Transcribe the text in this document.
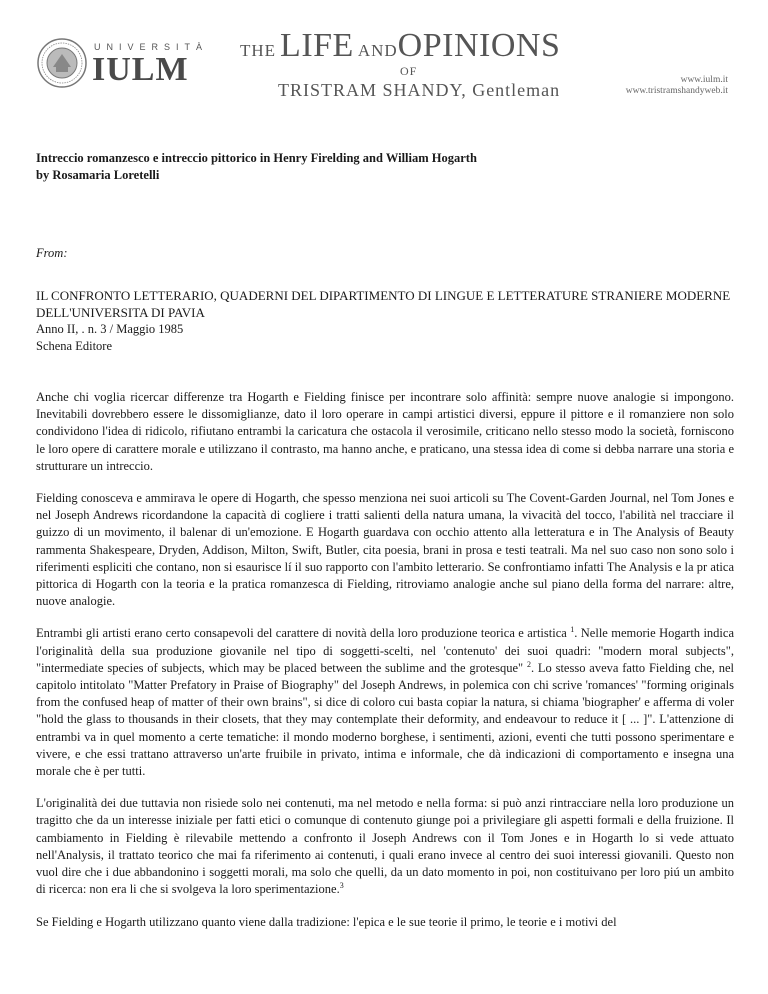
UNIVERSITÀ
IULM
THE LIFE ANDOPINIONS
OF
TRISTRAM SHANDY, Gentleman	www.iulm.it
www.tristramshandyweb.it
Intreccio romanzesco e intreccio pittorico in Henry Firelding and William Hogarth
by Rosamaria Loretelli
From:
IL CONFRONTO LETTERARIO, QUADERNI DEL DIPARTIMENTO DI LINGUE E LETTERATURE STRANIERE MODERNE DELL'UNIVERSITA DI PAVIA
Anno II, . n. 3 / Maggio 1985
Schena Editore

Anche chi voglia ricercar differenze tra Hogarth e Fielding finisce per incontrare solo affinità: sempre nuove analogie si impongono. Inevitabili dovrebbero essere le dissomiglianze, dato il loro operare in campi artistici diversi, eppure il pittore e il romanziere non solo condividono l'idea di ridicolo, rifiutano entrambi la caricatura che ostacola il verosimile, criticano nello stesso modo la società, forniscono le loro opere di carattere morale e utilizzano il contrasto, ma hanno anche, e praticano, una stessa idea di come si debba narrare una storia e strutturare un intreccio.

Fielding conosceva e ammirava le opere di Hogarth, che spesso menziona nei suoi articoli su The Covent-Garden Journal, nel Tom Jones e nel Joseph Andrews ricordandone la capacità di cogliere i tratti salienti della natura umana, la vivacità del tocco, l'abilità nel tracciare il guizzo di un movimento, il balenar di un'emozione. E Hogarth guardava con occhio attento alla letteratura e in The Analysis of Beauty rammenta Shakespeare, Dryden, Addison, Milton, Swift, Butler, cita poesia, brani in prosa e testi teatrali. Ma nel suo caso non sono solo i riferimenti espliciti che contano, non si esaurisce lí il suo rapporto con l'ambito letterario. Se confrontiamo infatti The Analysis e la pr atica pittorica di Hogarth con la teoria e la pratica romanzesca di Fielding, ritroviamo analogie anche sul piano della forma del narrare: altre, nuove analogie.

Entrambi gli artisti erano certo consapevoli del carattere di novità della loro produzione teorica e artistica $^1$. Nelle memorie Hogarth indica l'originalità della sua produzione giovanile nel tipo di soggetti-scelti, nel 'contenuto' dei suoi quadri: "modern moral subjects", "intermediate species of subjects, which may be placed between the sublime and the grotesque" $^2$. Lo stesso aveva fatto Fielding che, nel capitolo intitolato "Matter Prefatory in Praise of Biography" del Joseph Andrews, in polemica con chi scrive 'romances' "forming originals from the confused heap of matter of their own brains", si dice di coloro cui basta copiar la natura, si chiama 'biographer' e afferma di voler "hold the glass to thousands in their closets, that they may contemplate their deformity, and endeavour to reduce it [ ... ]". L'attenzione di entrambi va in quel momento a certe tematiche: il mondo moderno borghese, i sentimenti, azioni, eventi che tutti possono sperimentare e vivere, e che essi trattano attraverso un'arte fruibile in privato, intima e informale, che dà indicazioni di comportamento e insegna una morale che è per tutti.

L'originalità dei due tuttavia non risiede solo nei contenuti, ma nel metodo e nella forma: si può anzi rintracciare nella loro produzione un tragitto che da un interesse iniziale per fatti etici o comunque di contenuto giunge poi a privilegiare gli aspetti formali e della fruizione. Il cambiamento in Fielding è rilevabile mettendo a confronto il Joseph Andrews con il Tom Jones e in Hogarth lo si vede attuato nell'Analysis, il trattato teorico che mai fa riferimento ai contenuti, i quali erano invece al centro dei suoi interessi giovanili. Questo non vuol dire che i due abbandonino i soggetti morali, ma solo che quelli, da un dato momento in poi, non costituivano per loro piú un ambito di ricerca: non era li che si svolgeva la loro sperimentazione.$^3$

Se Fielding e Hogarth utilizzano quanto viene dalla tradizione: l'epica e le sue teorie il primo, le teorie e i motivi del
